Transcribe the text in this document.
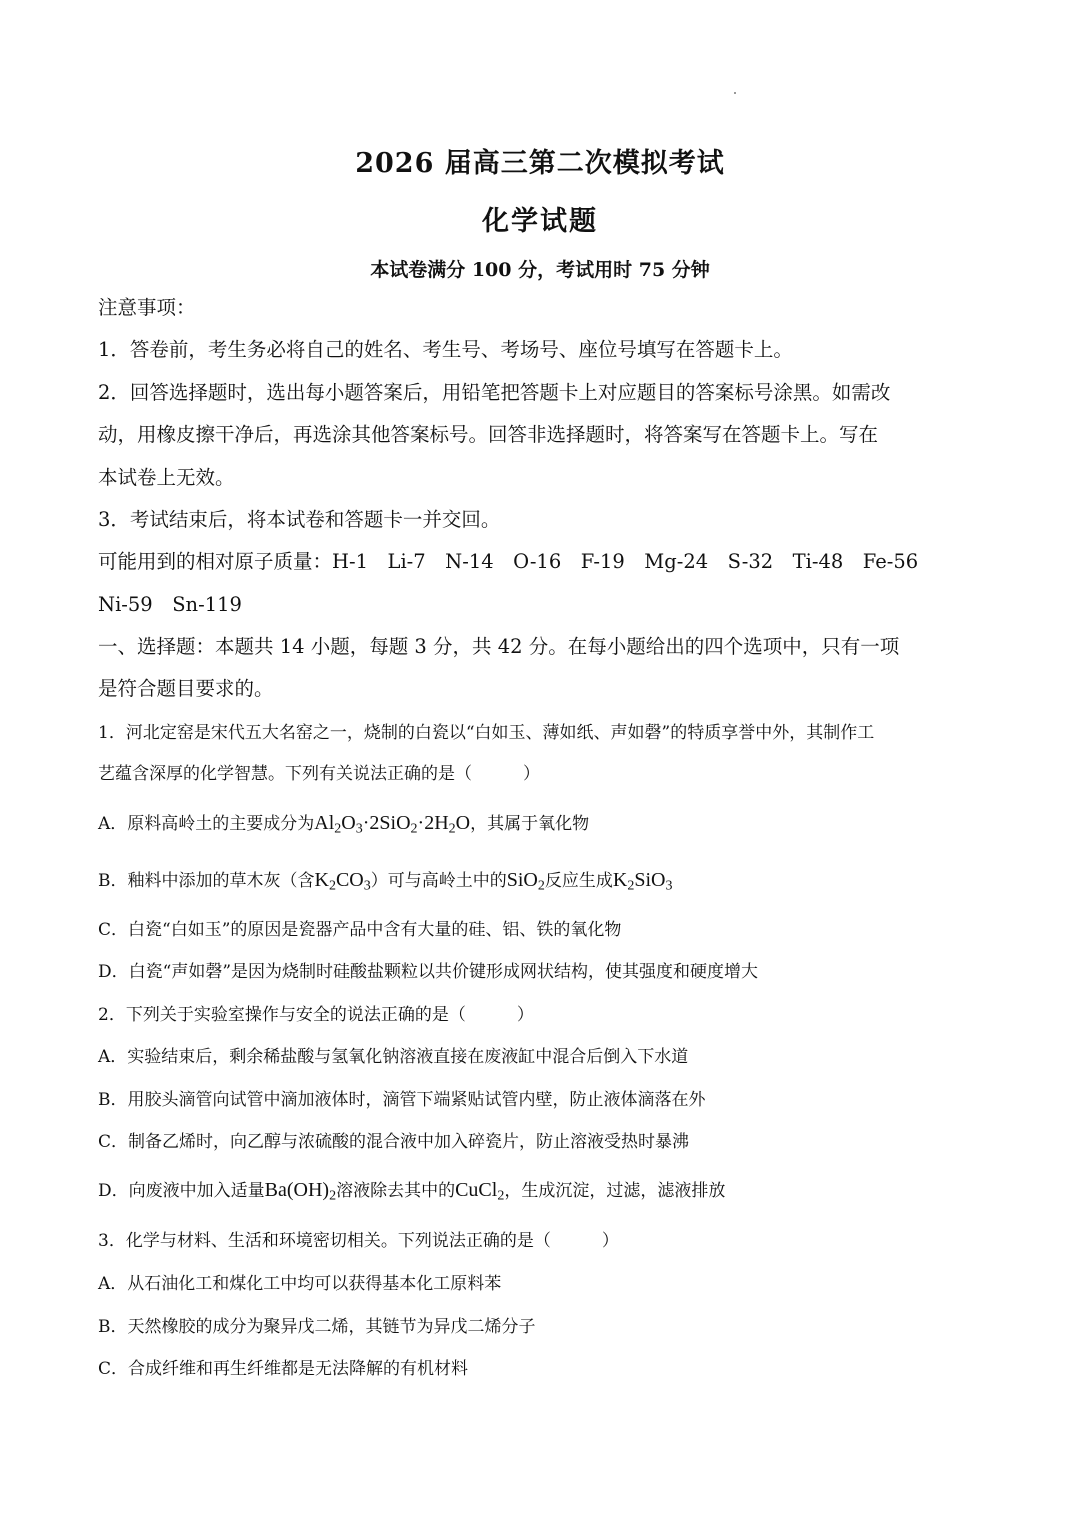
2026 届高三第二次模拟考试
化学试题
本试卷满分 100 分，考试用时 75 分钟
注意事项：
1．答卷前，考生务必将自己的姓名、考生号、考场号、座位号填写在答题卡上。
2．回答选择题时，选出每小题答案后，用铅笔把答题卡上对应题目的答案标号涂黑。如需改
动，用橡皮擦干净后，再选涂其他答案标号。回答非选择题时，将答案写在答题卡上。写在
本试卷上无效。
3．考试结束后，将本试卷和答题卡一并交回。
可能用到的相对原子质量：H-1　Li-7　N-14　O-16　F-19　Mg-24　S-32　Ti-48　Fe-56
Ni-59　Sn-119
一、选择题：本题共 14 小题，每题 3 分，共 42 分。在每小题给出的四个选项中，只有一项
是符合题目要求的。
1．河北定窑是宋代五大名窑之一，烧制的白瓷以“白如玉、薄如纸、声如磬”的特质享誉中外，其制作工
艺蕴含深厚的化学智慧。下列有关说法正确的是（　　　）
A．原料高岭土的主要成分为$Al_2O_3\cdot 2SiO_2\cdot 2H_2O$，其属于氧化物
B．釉料中添加的草木灰（含$K_2CO_3$）可与高岭土中的SiO$_2$反应生成$K_2SiO_3$
C．白瓷“白如玉”的原因是瓷器产品中含有大量的硅、铝、铁的氧化物
D．白瓷“声如磬”是因为烧制时硅酸盐颗粒以共价键形成网状结构，使其强度和硬度增大
2．下列关于实验室操作与安全的说法正确的是（　　　）
A．实验结束后，剩余稀盐酸与氢氧化钠溶液直接在废液缸中混合后倒入下水道
B．用胶头滴管向试管中滴加液体时，滴管下端紧贴试管内壁，防止液体滴落在外
C．制备乙烯时，向乙醇与浓硫酸的混合液中加入碎瓷片，防止溶液受热时暴沸
D．向废液中加入适量$Ba(OH)_2$溶液除去其中的CuCl$_2$，生成沉淀，过滤，滤液排放
3．化学与材料、生活和环境密切相关。下列说法正确的是（　　　）
A．从石油化工和煤化工中均可以获得基本化工原料苯
B．天然橡胶的成分为聚异戊二烯，其链节为异戊二烯分子
C．合成纤维和再生纤维都是无法降解的有机材料
